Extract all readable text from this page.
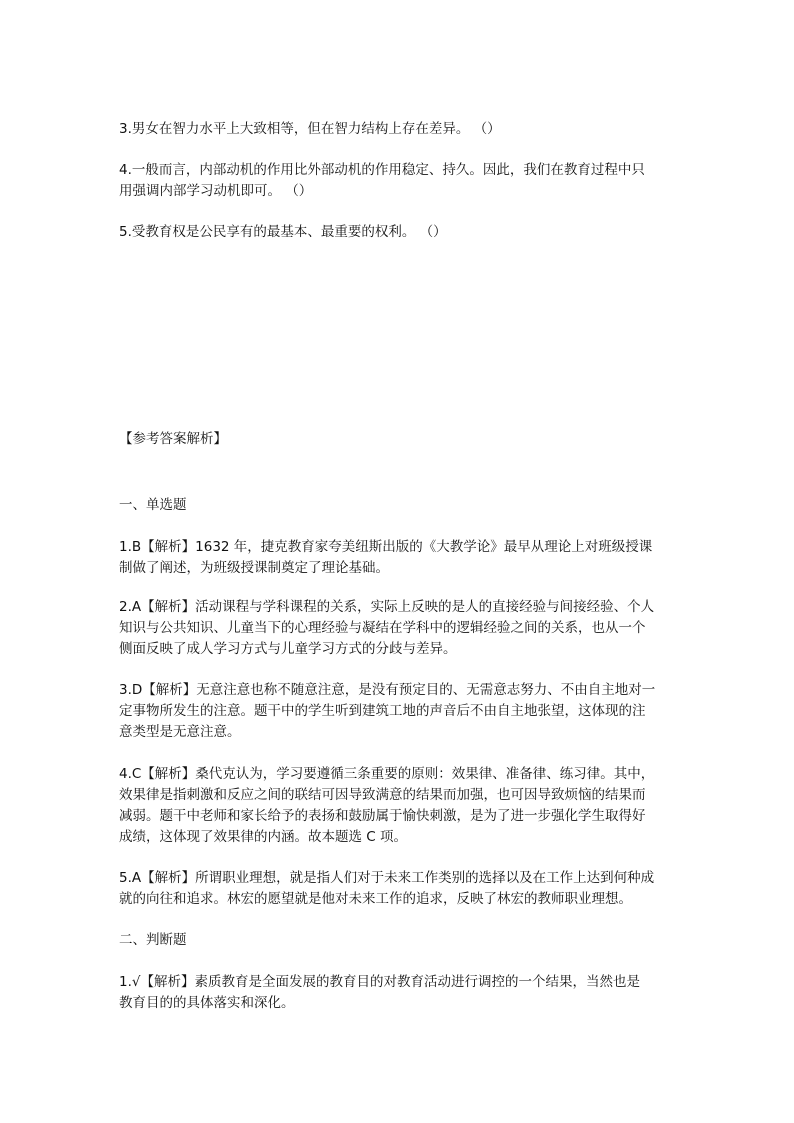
3.男女在智力水平上大致相等，但在智力结构上存在差异。 （）

4.一般而言，内部动机的作用比外部动机的作用稳定、持久。因此，我们在教育过程中只
用强调内部学习动机即可。 （）

5.受教育权是公民享有的最基本、最重要的权利。 （）

【参考答案解析】

一、单选题

1.B【解析】1632 年，捷克教育家夸美纽斯出版的《大教学论》最早从理论上对班级授课
制做了阐述，为班级授课制奠定了理论基础。

2.A【解析】活动课程与学科课程的关系，实际上反映的是人的直接经验与间接经验、个人
知识与公共知识、儿童当下的心理经验与凝结在学科中的逻辑经验之间的关系，也从一个
侧面反映了成人学习方式与儿童学习方式的分歧与差异。

3.D【解析】无意注意也称不随意注意，是没有预定目的、无需意志努力、不由自主地对一
定事物所发生的注意。题干中的学生听到建筑工地的声音后不由自主地张望，这体现的注
意类型是无意注意。

4.C【解析】桑代克认为，学习要遵循三条重要的原则：效果律、准备律、练习律。其中，
效果律是指刺激和反应之间的联结可因导致满意的结果而加强，也可因导致烦恼的结果而
减弱。题干中老师和家长给予的表扬和鼓励属于愉快刺激，是为了进一步强化学生取得好
成绩，这体现了效果律的内涵。故本题选 C 项。

5.A【解析】所谓职业理想，就是指人们对于未来工作类别的选择以及在工作上达到何种成
就的向往和追求。林宏的愿望就是他对未来工作的追求，反映了林宏的教师职业理想。

二、判断题

1.√【解析】素质教育是全面发展的教育目的对教育活动进行调控的一个结果，当然也是
教育目的的具体落实和深化。
